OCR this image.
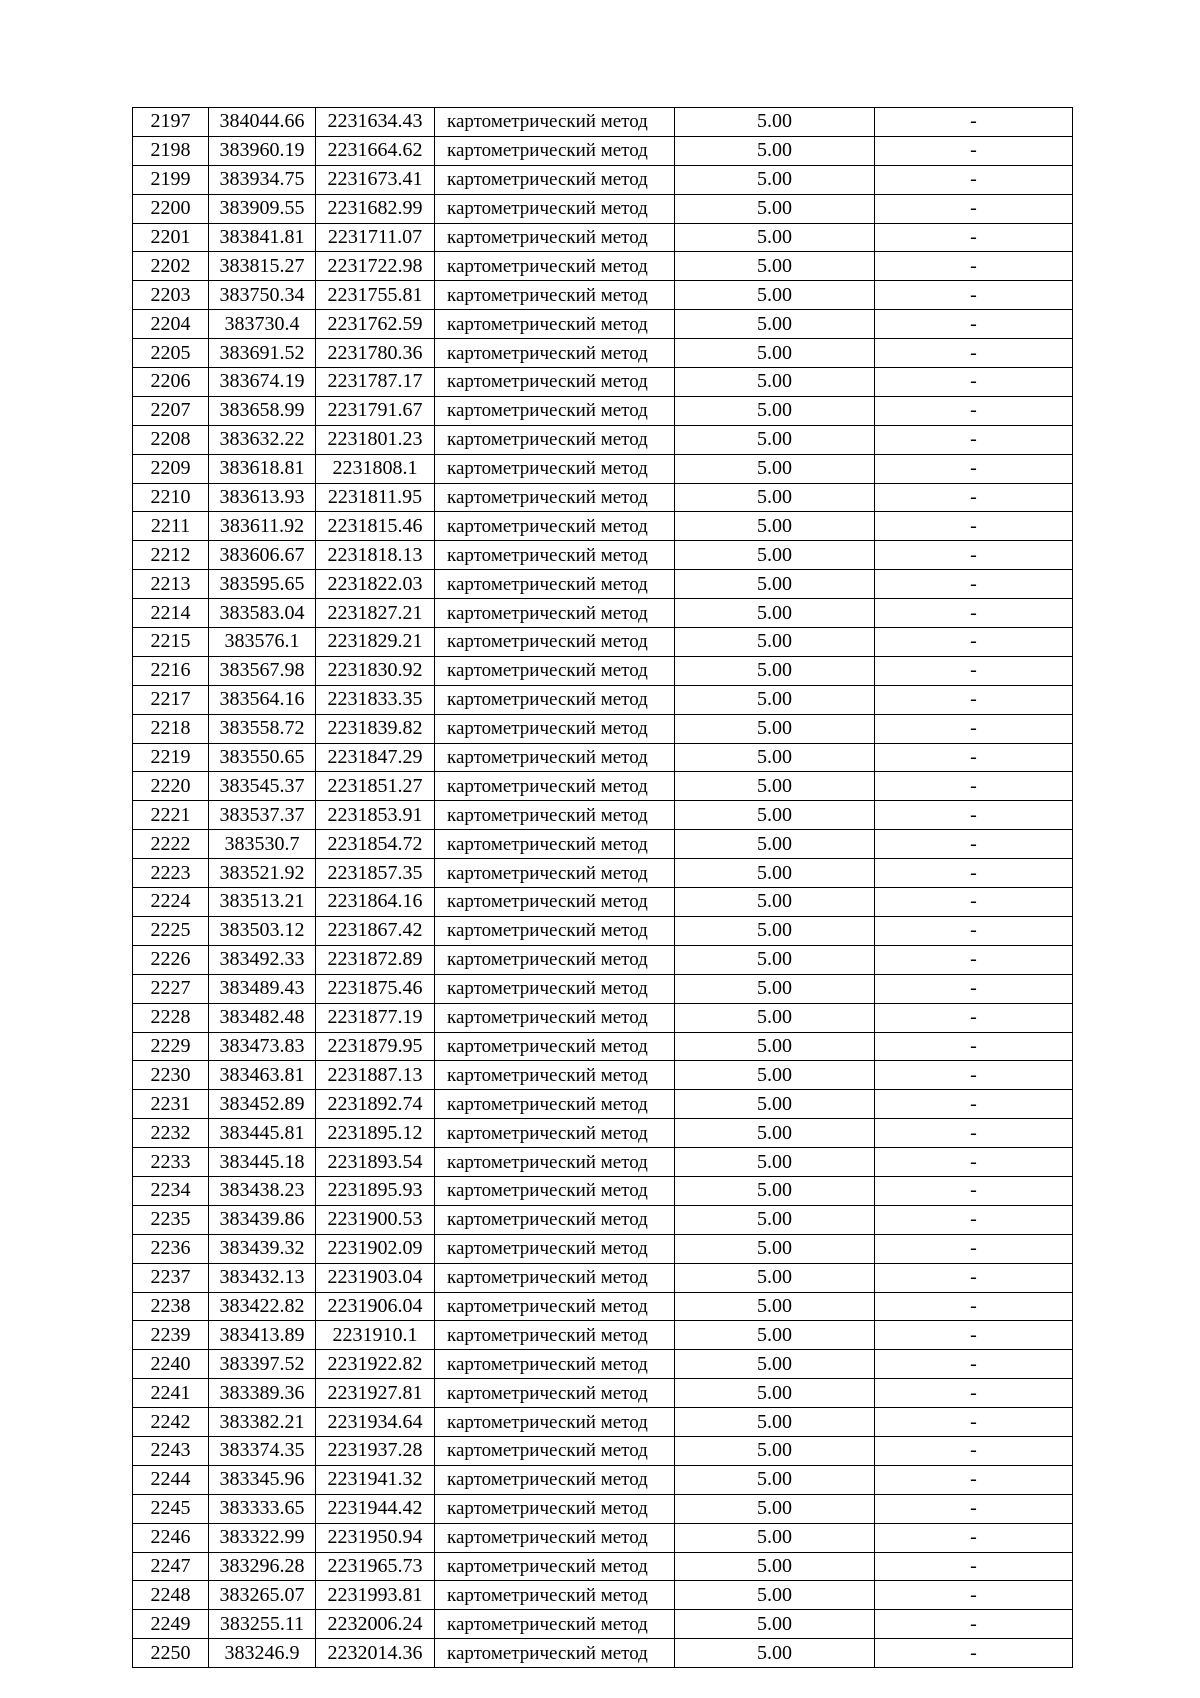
2197	384044.66	2231634.43	картометрический метод	5.00	-
2198	383960.19	2231664.62	картометрический метод	5.00	-
2199	383934.75	2231673.41	картометрический метод	5.00	-
2200	383909.55	2231682.99	картометрический метод	5.00	-
2201	383841.81	2231711.07	картометрический метод	5.00	-
2202	383815.27	2231722.98	картометрический метод	5.00	-
2203	383750.34	2231755.81	картометрический метод	5.00	-
2204	383730.4	2231762.59	картометрический метод	5.00	-
2205	383691.52	2231780.36	картометрический метод	5.00	-
2206	383674.19	2231787.17	картометрический метод	5.00	-
2207	383658.99	2231791.67	картометрический метод	5.00	-
2208	383632.22	2231801.23	картометрический метод	5.00	-
2209	383618.81	2231808.1	картометрический метод	5.00	-
2210	383613.93	2231811.95	картометрический метод	5.00	-
2211	383611.92	2231815.46	картометрический метод	5.00	-
2212	383606.67	2231818.13	картометрический метод	5.00	-
2213	383595.65	2231822.03	картометрический метод	5.00	-
2214	383583.04	2231827.21	картометрический метод	5.00	-
2215	383576.1	2231829.21	картометрический метод	5.00	-
2216	383567.98	2231830.92	картометрический метод	5.00	-
2217	383564.16	2231833.35	картометрический метод	5.00	-
2218	383558.72	2231839.82	картометрический метод	5.00	-
2219	383550.65	2231847.29	картометрический метод	5.00	-
2220	383545.37	2231851.27	картометрический метод	5.00	-
2221	383537.37	2231853.91	картометрический метод	5.00	-
2222	383530.7	2231854.72	картометрический метод	5.00	-
2223	383521.92	2231857.35	картометрический метод	5.00	-
2224	383513.21	2231864.16	картометрический метод	5.00	-
2225	383503.12	2231867.42	картометрический метод	5.00	-
2226	383492.33	2231872.89	картометрический метод	5.00	-
2227	383489.43	2231875.46	картометрический метод	5.00	-
2228	383482.48	2231877.19	картометрический метод	5.00	-
2229	383473.83	2231879.95	картометрический метод	5.00	-
2230	383463.81	2231887.13	картометрический метод	5.00	-
2231	383452.89	2231892.74	картометрический метод	5.00	-
2232	383445.81	2231895.12	картометрический метод	5.00	-
2233	383445.18	2231893.54	картометрический метод	5.00	-
2234	383438.23	2231895.93	картометрический метод	5.00	-
2235	383439.86	2231900.53	картометрический метод	5.00	-
2236	383439.32	2231902.09	картометрический метод	5.00	-
2237	383432.13	2231903.04	картометрический метод	5.00	-
2238	383422.82	2231906.04	картометрический метод	5.00	-
2239	383413.89	2231910.1	картометрический метод	5.00	-
2240	383397.52	2231922.82	картометрический метод	5.00	-
2241	383389.36	2231927.81	картометрический метод	5.00	-
2242	383382.21	2231934.64	картометрический метод	5.00	-
2243	383374.35	2231937.28	картометрический метод	5.00	-
2244	383345.96	2231941.32	картометрический метод	5.00	-
2245	383333.65	2231944.42	картометрический метод	5.00	-
2246	383322.99	2231950.94	картометрический метод	5.00	-
2247	383296.28	2231965.73	картометрический метод	5.00	-
2248	383265.07	2231993.81	картометрический метод	5.00	-
2249	383255.11	2232006.24	картометрический метод	5.00	-
2250	383246.9	2232014.36	картометрический метод	5.00	-
